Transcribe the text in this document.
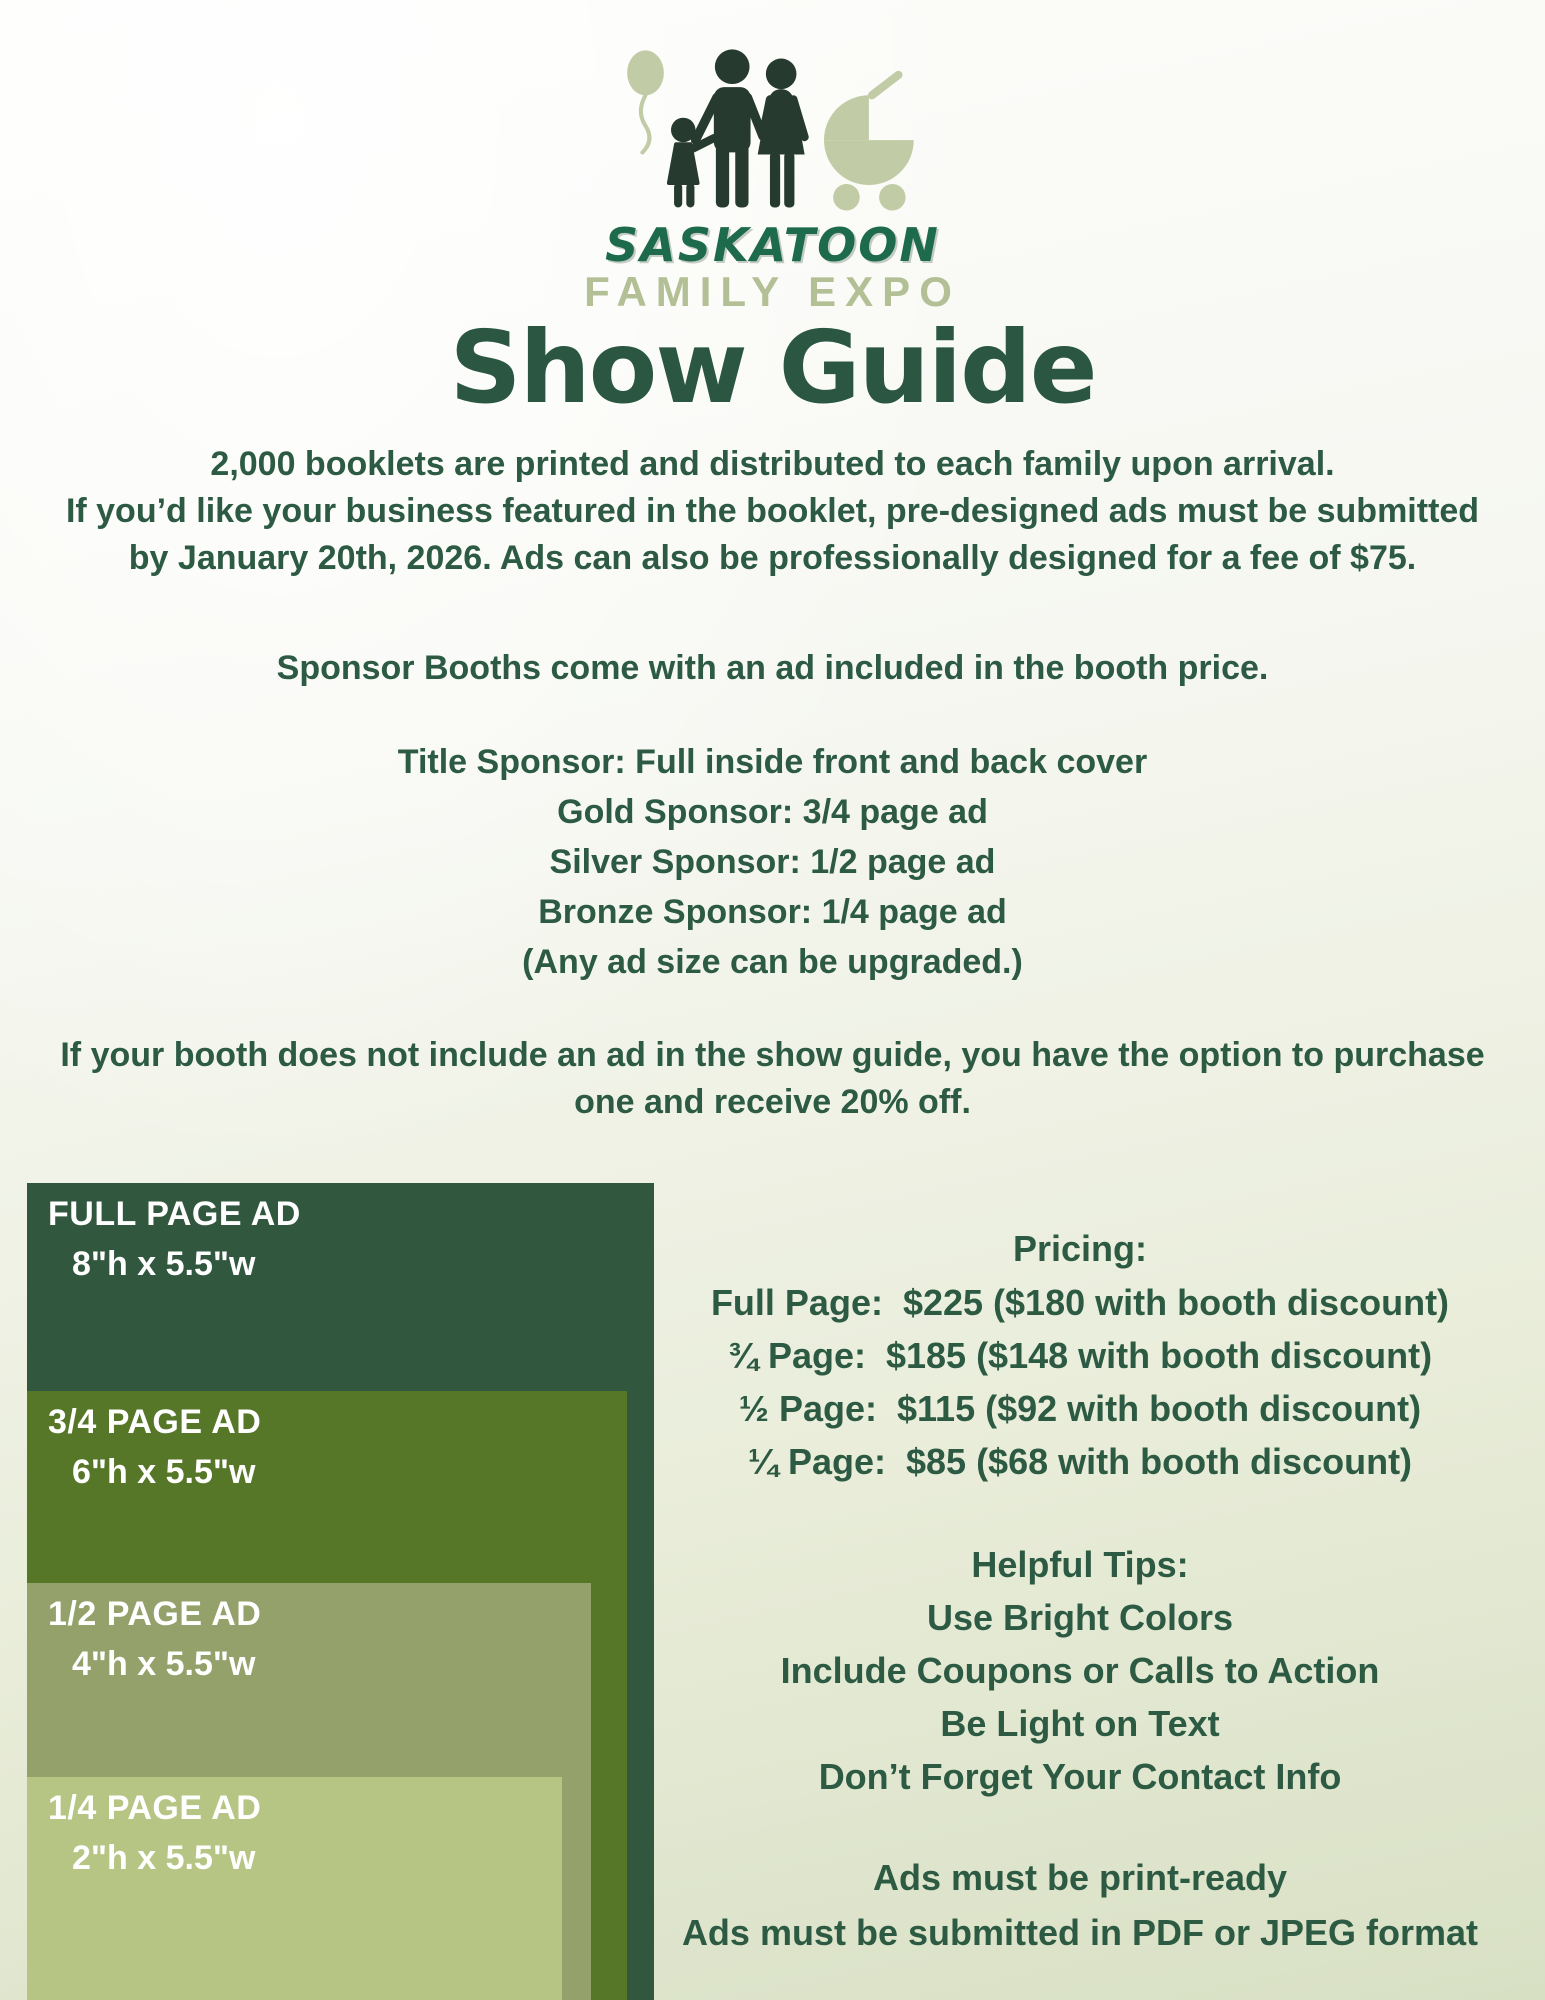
SASKATOON
FAMILY EXPO
Show Guide
2,000 booklets are printed and distributed to each family upon arrival.
If you’d like your business featured in the booklet, pre-designed ads must be submitted
by January 20th, 2026. Ads can also be professionally designed for a fee of $75.
Sponsor Booths come with an ad included in the booth price.
Title Sponsor: Full inside front and back cover
Gold Sponsor: 3/4 page ad
Silver Sponsor: 1/2 page ad
Bronze Sponsor: 1/4 page ad
(Any ad size can be upgraded.)
If your booth does not include an ad in the show guide, you have the option to purchase
one and receive 20% off.
FULL PAGE AD
8"h x 5.5"w
3/4 PAGE AD
6"h x 5.5"w
1/2 PAGE AD
4"h x 5.5"w
1/4 PAGE AD
2"h x 5.5"w
Pricing:
Full Page:  $225 ($180 with booth discount)
¾ Page:  $185 ($148 with booth discount)
½ Page:  $115 ($92 with booth discount)
¼ Page:  $85 ($68 with booth discount)
Helpful Tips:
Use Bright Colors
Include Coupons or Calls to Action
Be Light on Text
Don’t Forget Your Contact Info
Ads must be print-ready
Ads must be submitted in PDF or JPEG format
